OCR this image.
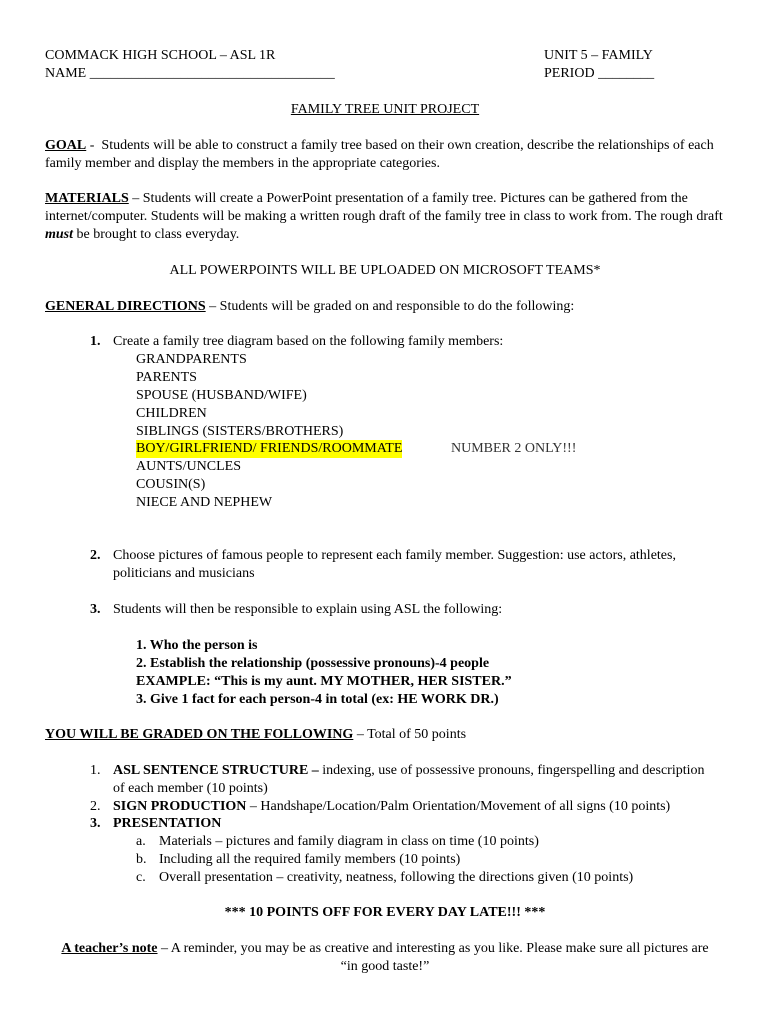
COMMACK HIGH SCHOOL – ASL 1R
NAME ___________________________________
UNIT 5 – FAMILY
PERIOD ________
FAMILY TREE UNIT PROJECT
GOAL -  Students will be able to construct a family tree based on their own creation, describe the relationships of each family member and display the members in the appropriate categories.
MATERIALS – Students will create a PowerPoint presentation of a family tree. Pictures can be gathered from the internet/computer. Students will be making a written rough draft of the family tree in class to work from. The rough draft must be brought to class everyday.
ALL POWERPOINTS WILL BE UPLOADED ON MICROSOFT TEAMS*
GENERAL DIRECTIONS – Students will be graded on and responsible to do the following:
1. Create a family tree diagram based on the following family members:
GRANDPARENTS
PARENTS
SPOUSE (HUSBAND/WIFE)
CHILDREN
SIBLINGS (SISTERS/BROTHERS)
BOY/GIRLFRIEND/ FRIENDS/ROOMMATE	NUMBER 2 ONLY!!!
AUNTS/UNCLES
COUSIN(S)
NIECE AND NEPHEW
2. Choose pictures of famous people to represent each family member. Suggestion: use actors, athletes, politicians and musicians
3. Students will then be responsible to explain using ASL the following:
1. Who the person is
2. Establish the relationship (possessive pronouns)-4 people
EXAMPLE: “This is my aunt. MY MOTHER, HER SISTER.”
3. Give 1 fact for each person-4 in total (ex: HE WORK DR.)
YOU WILL BE GRADED ON THE FOLLOWING – Total of 50 points
1. ASL SENTENCE STRUCTURE – indexing, use of possessive pronouns, fingerspelling and description of each member (10 points)
2. SIGN PRODUCTION – Handshape/Location/Palm Orientation/Movement of all signs (10 points)
3. PRESENTATION
a. Materials – pictures and family diagram in class on time (10 points)
b. Including all the required family members (10 points)
c. Overall presentation – creativity, neatness, following the directions given (10 points)
*** 10 POINTS OFF FOR EVERY DAY LATE!!! ***
A teacher’s note – A reminder, you may be as creative and interesting as you like. Please make sure all pictures are “in good taste!”
